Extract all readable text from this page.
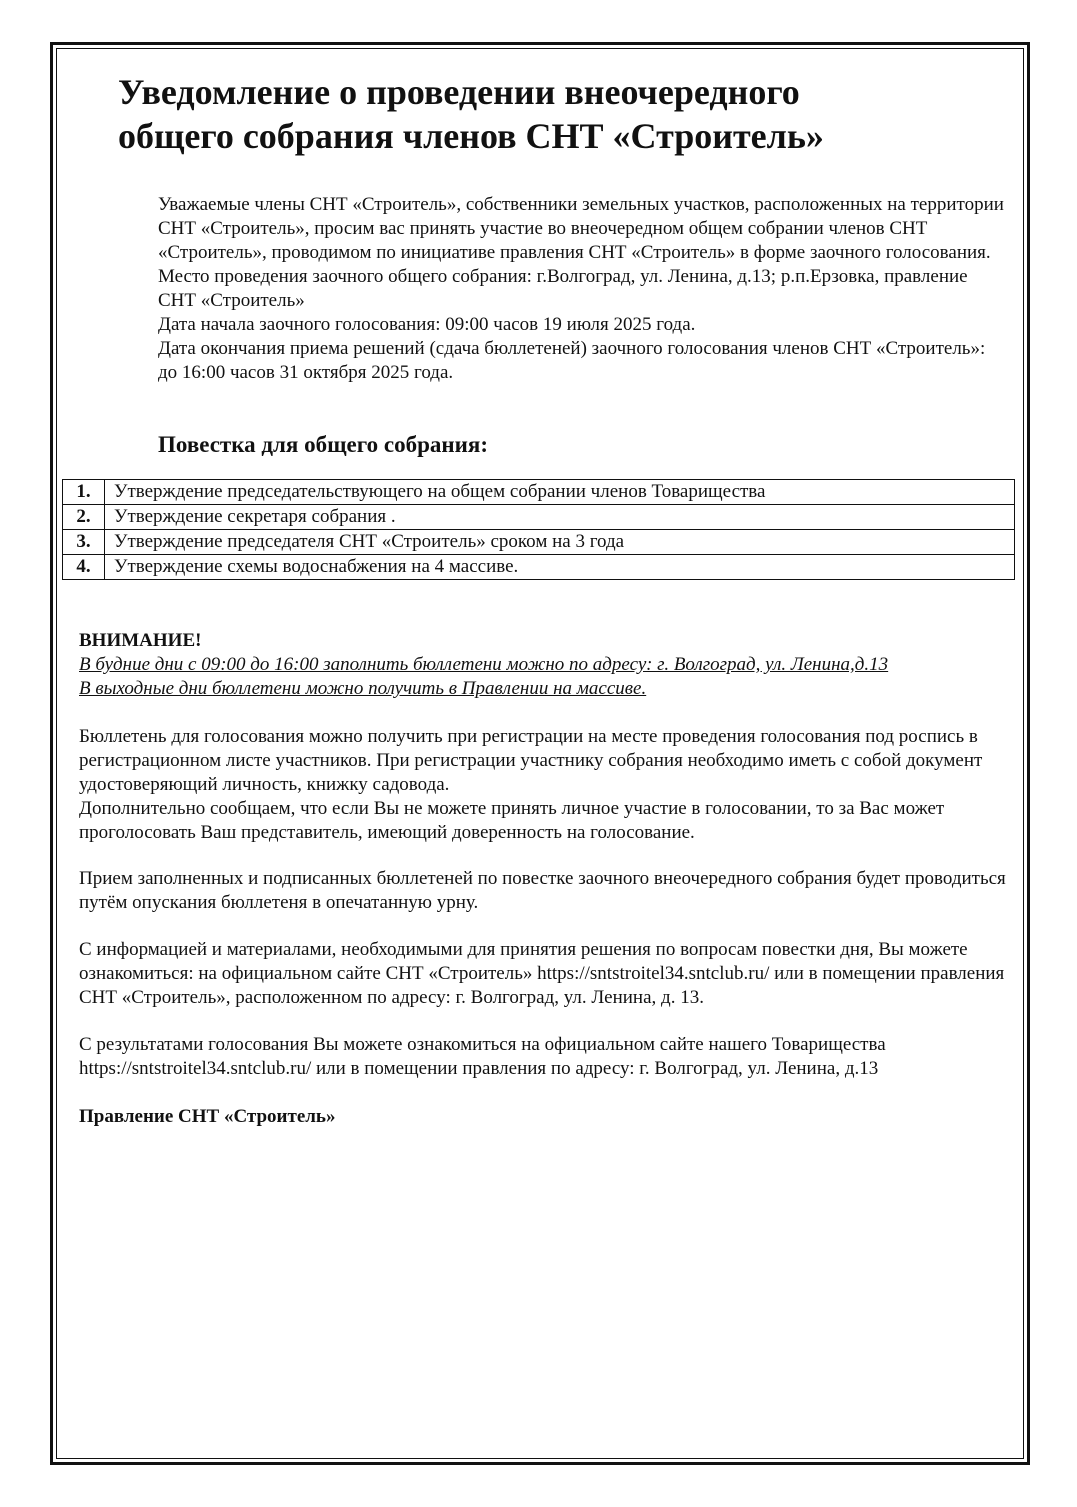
Уведомление о проведении внеочередного
общего собрания членов СНТ «Строитель»

Уважаемые члены СНТ «Строитель», собственники земельных участков, расположенных на территории СНТ «Строитель», просим вас принять участие во внеочередном общем собрании членов СНТ «Строитель», проводимом по инициативе правления СНТ «Строитель» в форме заочного голосования.

Место проведения заочного общего собрания: г.Волгоград, ул. Ленина, д.13; р.п.Ерзовка, правление СНТ «Строитель»

Дата начала заочного голосования: 09:00 часов 19 июля 2025 года.

Дата окончания приема решений (сдача бюллетеней) заочного голосования членов СНТ «Строитель»: до 16:00 часов 31 октября 2025 года.

Повестка для общего собрания:
1.	Утверждение председательствующего на общем собрании членов Товарищества
2.	Утверждение секретаря собрания .
3.	Утверждение председателя СНТ «Строитель» сроком на 3 года
4.	Утверждение схемы водоснабжения на 4 массиве.

ВНИМАНИЕ!

В будние дни с 09:00 до 16:00 заполнить бюллетени можно по адресу: г. Волгоград, ул. Ленина,д.13

В выходные дни бюллетени можно получить в Правлении на массиве.

Бюллетень для голосования можно получить при регистрации на месте проведения голосования под роспись в регистрационном листе участников. При регистрации участнику собрания необходимо иметь с собой документ удостоверяющий личность, книжку садовода.

Дополнительно сообщаем, что если Вы не можете принять личное участие в голосовании, то за Вас может проголосовать Ваш представитель, имеющий доверенность на голосование.

Прием заполненных и подписанных бюллетеней по повестке заочного внеочередного собрания будет проводиться путём опускания бюллетеня в опечатанную урну.

С информацией и материалами, необходимыми для принятия решения по вопросам повестки дня, Вы можете ознакомиться: на официальном сайте СНТ «Строитель» https://sntstroitel34.sntclub.ru/ или в помещении правления СНТ «Строитель», расположенном по адресу: г. Волгоград, ул. Ленина, д. 13.

С результатами голосования Вы можете ознакомиться на официальном сайте нашего Товарищества https://sntstroitel34.sntclub.ru/ или в помещении правления по адресу: г. Волгоград, ул. Ленина, д.13

Правление СНТ «Строитель»
